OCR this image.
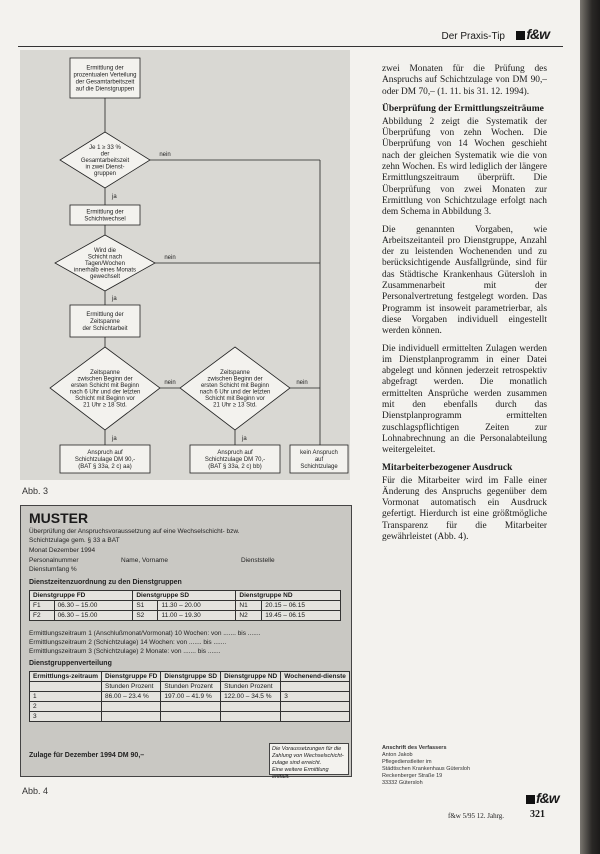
Der Praxis-Tip	f&w
Ermittlung der
prozentualen Verteilung
der Gesamtarbeitszeit
auf die Dienstgruppen
Je 1 ≥ 33 %
der
Gesamtarbeitszeit
in zwei Dienst-
gruppen
Ermittlung der
Schichtwechsel
Wird die
Schicht nach
Tagen/Wochen
innerhalb eines Monats
gewechselt
Ermittlung der
Zeitspanne
der Schichtarbeit
Zeitspanne
zwischen Beginn der
ersten Schicht mit Beginn
nach 6 Uhr und der letzten
Schicht mit Beginn vor
21 Uhr ≥ 18 Std.
Zeitspanne
zwischen Beginn der
ersten Schicht mit Beginn
nach 6 Uhr und der letzten
Schicht mit Beginn vor
21 Uhr ≥ 13 Std.
Anspruch auf
Schichtzulage DM 90,-
(BAT § 33a, 2 c) aa)
Anspruch auf
Schichtzulage DM 70,-
(BAT § 33a, 2 c) bb)
kein Anspruch
auf
Schichtzulage
nein
nein
nein	nein
ja
ja
ja	ja
Abb. 3
MUSTER
Überprüfung der Anspruchsvoraussetzung auf eine Wechselschicht- bzw.
Schichtzulage gem. § 33 a BAT
Monat Dezember 1994
Personalnummer	Name, Vorname	Dienststelle
Dienstumfang %
Dienstzeitenzuordnung zu den Dienstgruppen
Dienstgruppe FD		Dienstgruppe SD		Dienstgruppe ND	
F1	06.30 – 15.00	S1	11.30 – 20.00	N1	20.15 – 06.15
F2	06.30 – 15.00	S2	11.00 – 19.30	N2	19.45 – 06.15
Ermittlungszeitraum 1 (Anschlußmonat/Vormonat) 10 Wochen: von ....... bis .......
Ermittlungszeitraum 2 (Schichtzulage) 14 Wochen: von ....... bis .......
Ermittlungszeitraum 3 (Schichtzulage) 2 Monate: von ....... bis .......
Dienstgruppenverteilung
Ermittlungs-zeitraum	Dienstgruppe FD	Dienstgruppe SD	Dienstgruppe ND	Wochenend-dienste
	Stunden Prozent	Stunden Prozent	Stunden Prozent	
1	86.00 – 23.4 %	197.00 – 41.9 %	122.00 – 34.5 %	3
2				
3				
Zulage für Dezember 1994 DM 90,–
Die Voraussetzungen für die
Zahlung von Wechselschicht-
zulage sind erreicht.
Eine weitere Ermittlung entfällt.
Abb. 4

zwei Monaten für die Prüfung des Anspruchs auf Schichtzulage von DM 90,– oder DM 70,– (1. 11. bis 31. 12. 1994).

Überprüfung der Ermittlungszeiträume

Abbildung 2 zeigt die Systematik der Überprüfung von zehn Wochen. Die Überprüfung von 14 Wochen geschieht nach der gleichen Systematik wie die von zehn Wochen. Es wird lediglich der längere Ermittlungszeitraum überprüft. Die Überprüfung von zwei Monaten zur Ermittlung von Schichtzulage erfolgt nach dem Schema in Abbildung 3.

Die genannten Vorgaben, wie Arbeitszeitanteil pro Dienstgruppe, Anzahl der zu leistenden Wochenenden und zu berücksichtigende Ausfallgründe, sind für das Städtische Krankenhaus Gütersloh in Zusammenarbeit mit der Personalvertretung festgelegt worden. Das Programm ist insoweit parametrierbar, als diese Vorgaben individuell eingestellt werden können.

Die individuell ermittelten Zulagen werden im Dienstplanprogramm in einer Datei abgelegt und können jederzeit retrospektiv abgefragt werden. Die monatlich ermittelten Ansprüche werden zusammen mit den ebenfalls durch das Dienstplanprogramm ermittelten zuschlagspflichtigen Zeiten zur Lohnabrechnung an die Personalabteilung weitergeleitet.

Mitarbeiterbezogener Ausdruck

Für die Mitarbeiter wird im Falle einer Änderung des Anspruchs gegenüber dem Vormonat automatisch ein Ausdruck gefertigt. Hierdurch ist eine größtmögliche Transparenz für die Mitarbeiter gewährleistet (Abb. 4).

Anschrift des Verfassers
Anton Jakob
Pflegedienstleiter im
Städtischen Krankenhaus Gütersloh
Reckenberger Straße 19
33332 Gütersloh
f&w
f&w 5/95 12. Jahrg.	321
